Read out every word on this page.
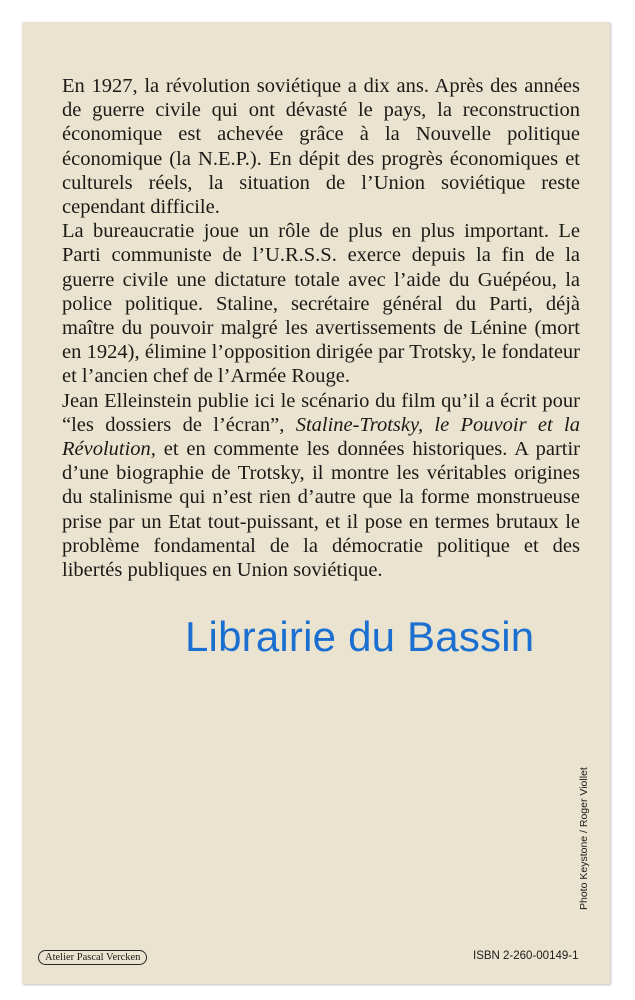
En 1927, la révolution soviétique a dix ans. Après des années de guerre civile qui ont dévasté le pays, la reconstruction économique est achevée grâce à la Nouvelle politique économique (la N.E.P.). En dépit des progrès économiques et culturels réels, la situation de l’Union soviétique reste cependant difficile.

La bureaucratie joue un rôle de plus en plus important. Le Parti communiste de l’U.R.S.S. exerce depuis la fin de la guerre civile une dictature totale avec l’aide du Guépéou, la police politique. Staline, secrétaire général du Parti, déjà maître du pouvoir malgré les avertissements de Lénine (mort en 1924), élimine l’opposition dirigée par Trotsky, le fondateur et l’ancien chef de l’Armée Rouge.

Jean Elleinstein publie ici le scénario du film qu’il a écrit pour “les dossiers de l’écran”, Staline-Trotsky, le Pouvoir et la Révolution, et en commente les données historiques. A partir d’une biographie de Trotsky, il montre les véritables origines du stalinisme qui n’est rien d’autre que la forme monstrueuse prise par un Etat tout-puissant, et il pose en termes brutaux le problème fondamental de la démocratie politique et des libertés publiques en Union soviétique.

Photo Keystone / Roger Viollet
Atelier Pascal Vercken	ISBN 2-260-00149-1
Librairie du Bassin
